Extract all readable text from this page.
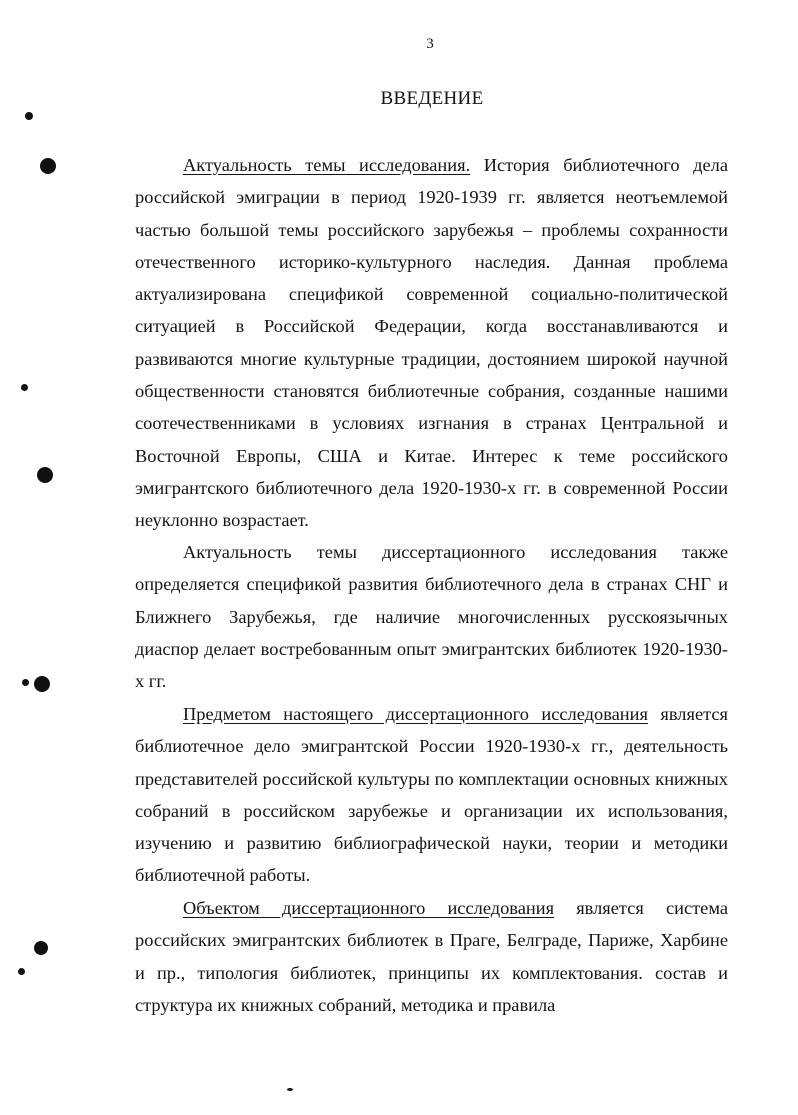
3
ВВЕДЕНИЕ

Актуальность темы исследования. История библиотечного дела российской эмиграции в период 1920-1939 гг. является неотъемлемой частью большой темы российского зарубежья – проблемы сохранности отечественного историко-культурного наследия. Данная проблема актуализирована спецификой современной социально-политической ситуацией в Российской Федерации, когда восстанавливаются и развиваются многие культурные традиции, достоянием широкой научной общественности становятся библиотечные собрания, созданные нашими соотечественниками в условиях изгнания в странах Центральной и Восточной Европы, США и Китае. Интерес к теме российского эмигрантского библиотечного дела 1920-1930-х гг. в современной России неуклонно возрастает.

Актуальность темы диссертационного исследования также определяется спецификой развития библиотечного дела в странах СНГ и Ближнего Зарубежья, где наличие многочисленных русскоязычных диаспор делает востребованным опыт эмигрантских библиотек 1920-1930-х гг.

Предметом настоящего диссертационного исследования является библиотечное дело эмигрантской России 1920-1930-х гг., деятельность представителей российской культуры по комплектации основных книжных собраний в российском зарубежье и организации их использования, изучению и развитию библиографической науки, теории и методики библиотечной работы.

Объектом диссертационного исследования является система российских эмигрантских библиотек в Праге, Белграде, Париже, Харбине и пр., типология библиотек, принципы их комплектования. состав и структура их книжных собраний, методика и правила
